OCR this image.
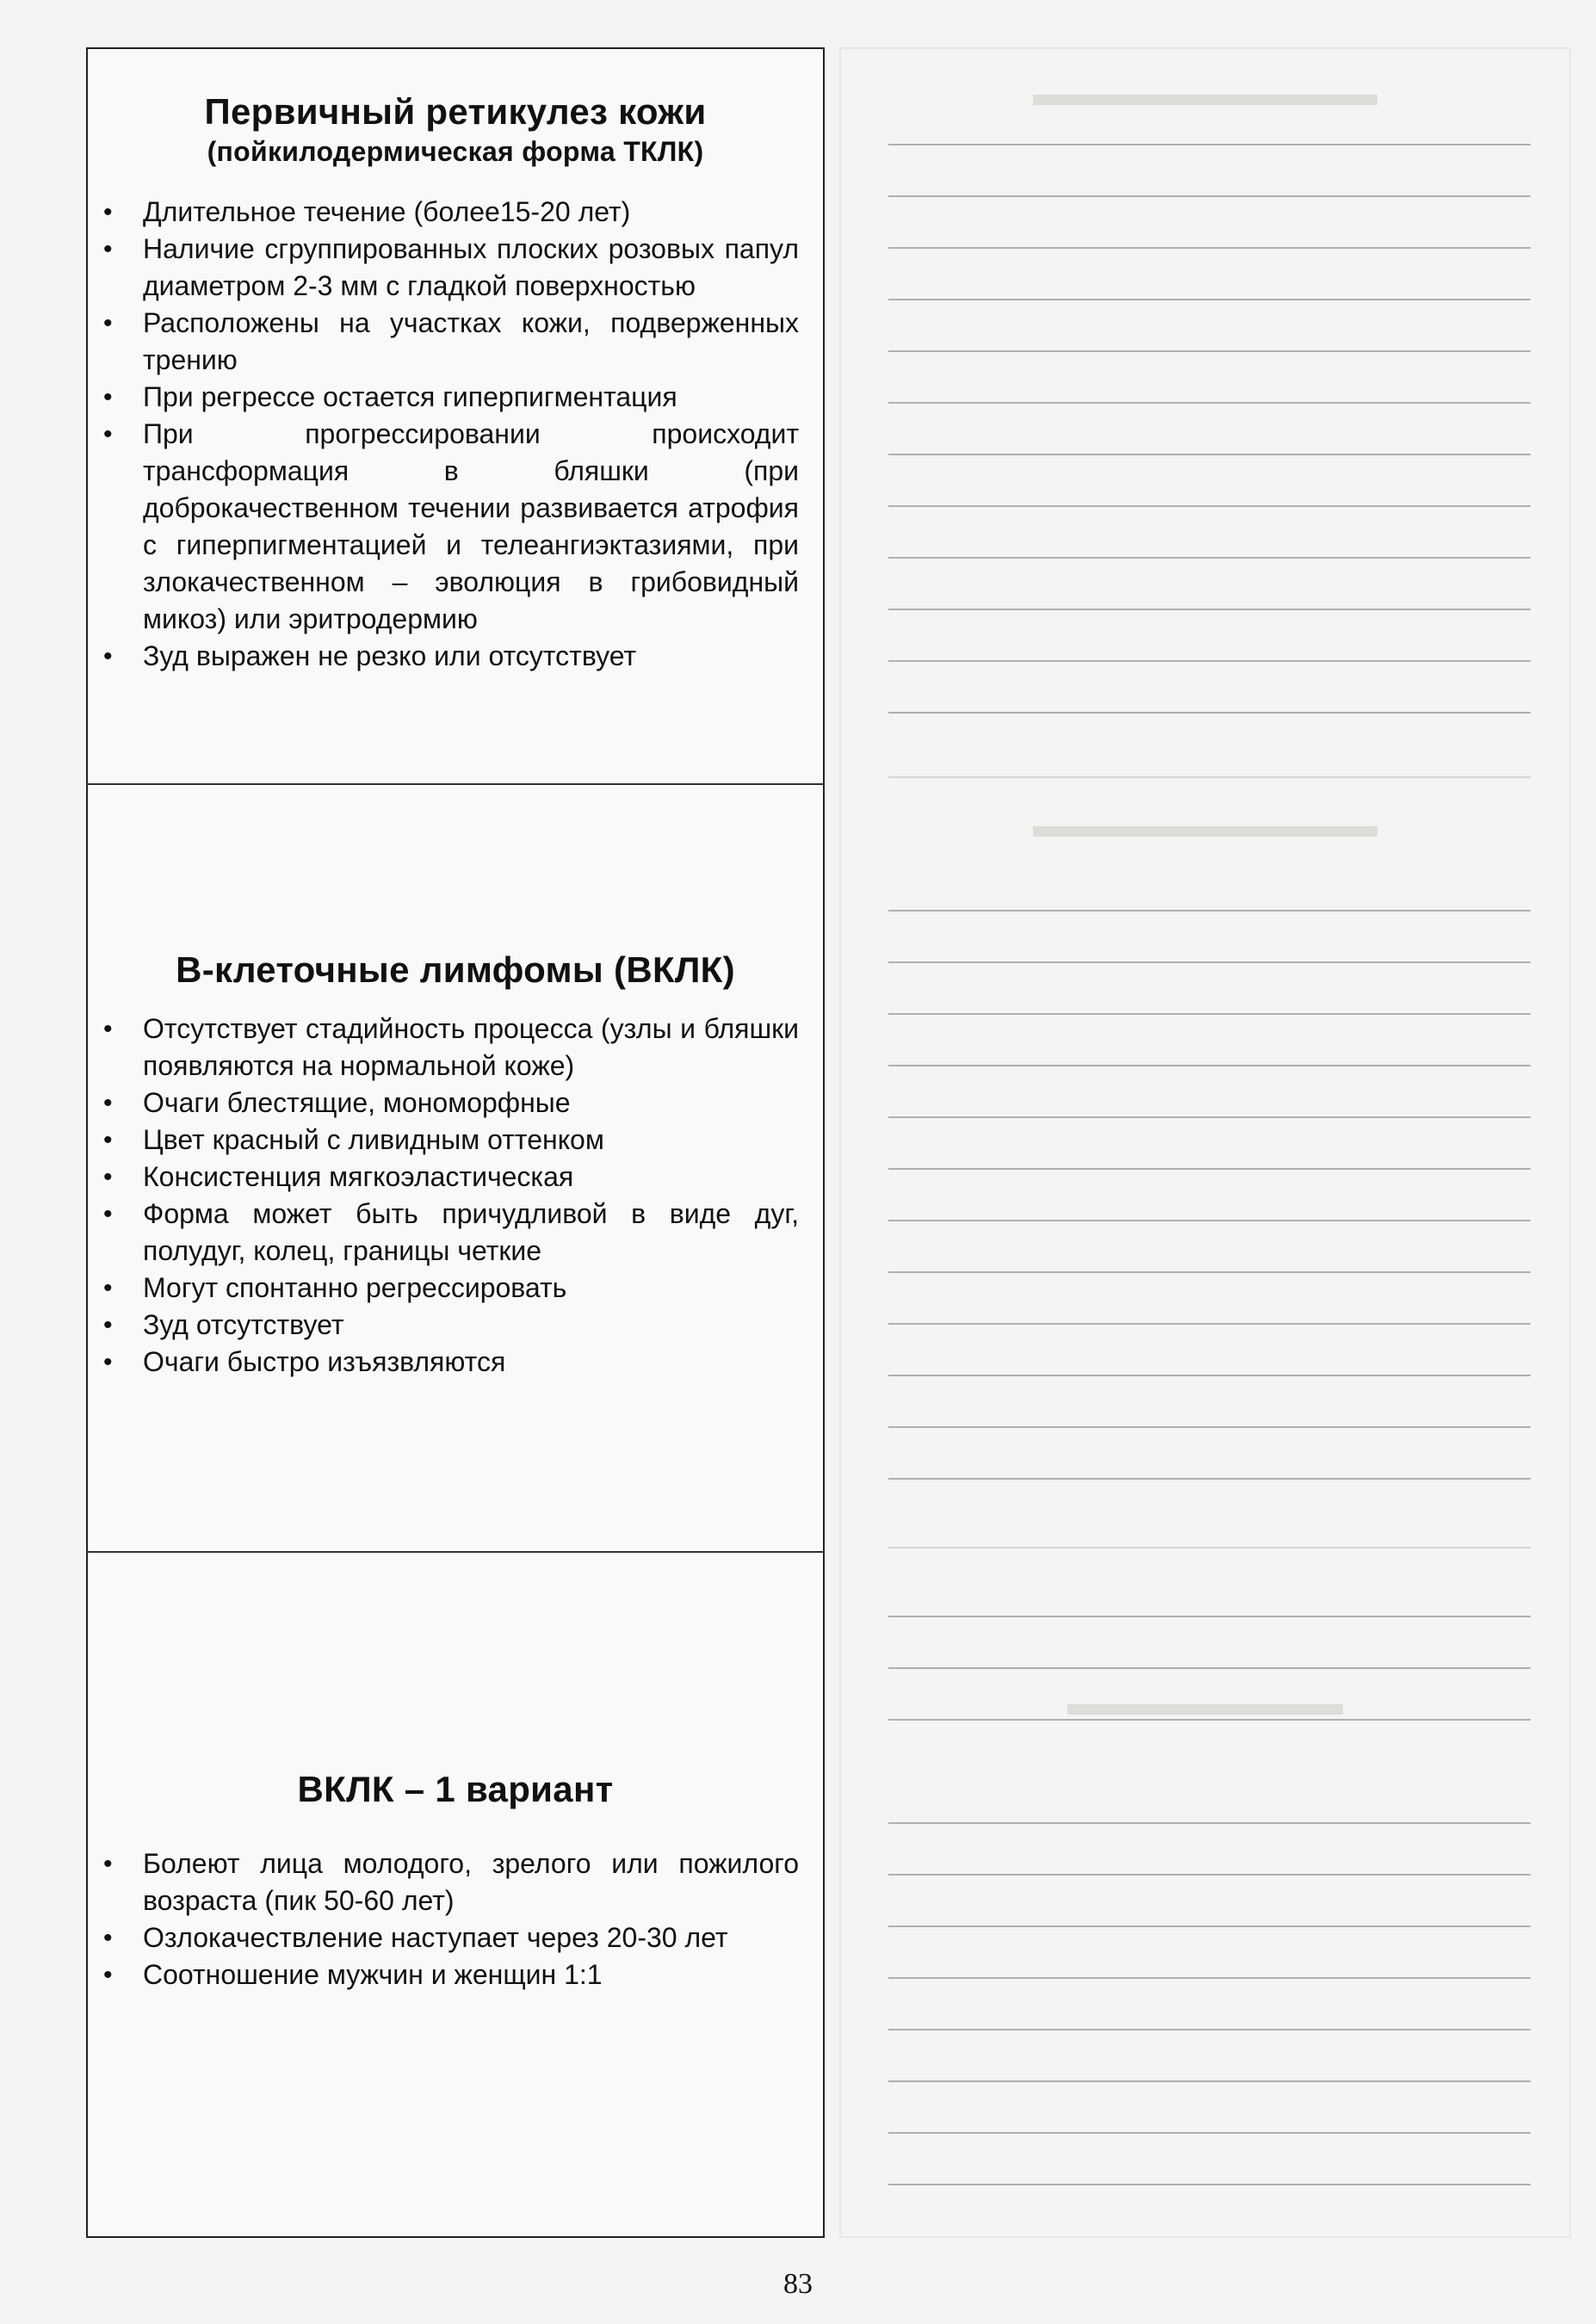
Первичный ретикулез кожи
(пойкилодермическая форма ТКЛК)
• Длительное течение (более15-20 лет)
• Наличие сгруппированных плоских розовых папул диаметром 2-3 мм с гладкой поверхностью
• Расположены на участках кожи, подверженных трению
• При регрессе остается гиперпигментация
• При прогрессировании происходит трансформация в бляшки (при доброкачественном течении развивается атрофия с гиперпигментацией и телеангиэктазиями, при злокачественном – эволюция в грибовидный микоз) или эритродермию
• Зуд выражен не резко или отсутствует
В-клеточные лимфомы (ВКЛК)
• Отсутствует стадийность процесса (узлы и бляшки появляются на нормальной коже)
• Очаги блестящие, мономорфные
• Цвет красный с ливидным оттенком
• Консистенция мягкоэластическая
• Форма может быть причудливой в виде дуг, полудуг, колец, границы четкие
• Могут спонтанно регрессировать
• Зуд отсутствует
• Очаги быстро изъязвляются
ВКЛК – 1 вариант
• Болеют лица молодого, зрелого или пожилого возраста (пик 50-60 лет)
• Озлокачествление наступает через 20-30 лет
• Соотношение мужчин и женщин 1:1
▬▬▬▬▬▬▬▬▬▬
▬▬▬▬▬▬▬▬▬▬
▬▬▬▬▬▬▬▬
83
